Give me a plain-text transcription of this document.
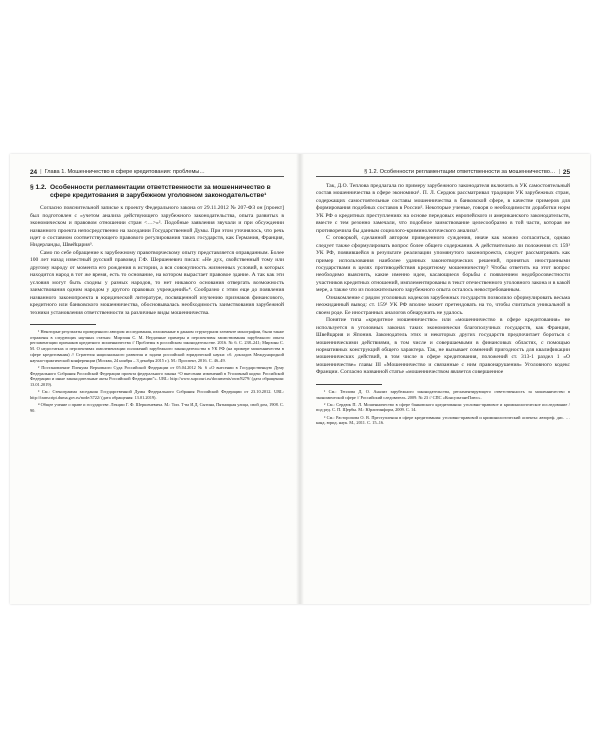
24 | Глава 1. Мошенничество в сфере кредитования: проблемы…
§ 1.2. Особенности регламентации ответственности за мошенничество в сфере кредитования в зарубежном уголовном законодательстве¹

Согласно пояснительной записке к проекту Федерального закона от 29.11.2012 № 207-ФЗ он [проект] был подготовлен с «учетом анализа действующего зарубежного законодательства, опыта развитых в экономическом и правовом отношении стран <…>»². Подобные заявления звучали и при обсуждении названного проекта непосредственно на заседании Государственной Думы. При этом уточнялось, что речь идет о составном соответствующего правового регулирования таких государств, как Германия, Франция, Нидерланды, Швейцария³.

Само по себе обращение к зарубежному правотворческому опыту представляется оправданным. Более 100 лет назад известный русский правовед Г.Ф. Шершеневич писал: «Не дух, свойственный тому или другому народу от момента его рождения в истории, а вся совокупность жизненных условий, в которых находится народ в тот же время, есть то основание, на котором вырастает правовое здание. А так как эти условия могут быть сходны у разных народов, то нет никакого основания отвергать возможность заимствования одним народом у другого правовых учреждений»⁴. Сообразно с этим еще до появления названного законопроекта в юридической литературе, посвященной изучению признаков финансового, кредитного или банковского мошенничества, обосновывалась необходимость заимствования зарубежной техники установления ответственности за различные виды мошенничества.

¹ Некоторые результаты проведенного автором исследования, изложенные в данном структурном элементе монографии, были также отражены в следующих научных статьях: Мирзоян С. М. Неудачные примеры и перспективы заимствования зарубежного опыта регламентации признаков кредитного мошенничества // Проблемы в российском законодательстве. 2016. № 6. С. 238–241; Мирзоян С. М. О недостатках и перспективах имплементации положений зарубежного законодательства в УК РФ (на примере мошенничества в сфере кредитования) // Стратегия национального развития и задачи российской юридической науки: сб. докладов Международной научно-практической конференции (Москва, 24 ноября – 3 декабря 2015 г.). М.: Проспект, 2016. С. 46–49.

² Постановление Пленума Верховного Суда Российской Федерации от 05.04.2012 № 6 «О внесении в Государственную Думу Федерального Собрания Российской Федерации проекта федерального закона “О внесении изменений в Уголовный кодекс Российской Федерации и иные законодательные акты Российской Федерации”». URL: http://www.supcourt.ru/documents/own/8279/ (дата обращения: 13.01.2019).

³ См.: Стенограмма заседания Государственной Думы Федерального Собрания Российской Федерации от 23.10.2012. URL: http://transcript.duma.gov.ru/node/3722/ (дата обращения: 13.01.2019).

⁴ Общее учение о праве и государстве. Лекции Г. Ф. Шершеневича. М.: Тип. Т-ва И.Д. Сытина, Пятницкая улица, свой дом, 1908. С. 90.

§ 1.2. Особенности регламентации ответственности за мошенничество… | 25

Так, Д.О. Теплова предлагала по примеру зарубежного законодателя включить в УК самостоятельный состав мошенничества в сфере экономики¹. П. Л. Сердюк рассматривал традиции УК зарубежных стран, содержащих самостоятельные составы мошенничества в банковской сфере, в качестве примеров для формирования подобных составов в России². Некоторые ученые, говоря о необходимости доработки норм УК РФ о кредитных преступлениях на основе передовых европейского и американского законодательств, вместе с тем резонно замечали, что подобное заимствование целесообразно в той части, которая не противоречила бы данным социолого-криминологического анализа³.

С оговоркой, сделанной автором приведенного суждения, иначе как можно согласиться, однако следует также сформулировать вопрос более общего содержания. А действительно ли положения ст. 159¹ УК РФ, появившейся в результате реализации упомянутого законопроекта, следует рассматривать как пример использования наиболее удачных законотворческих решений, принятых иностранными государствами в целях противодействия кредитному мошенничеству? Чтобы ответить на этот вопрос необходимо выяснить, какие именно идеи, касающиеся борьбы с появлением недобросовестности участников кредитных отношений, имплементированы в текст отечественного уголовного закона и в какой мере, а также что из положительного зарубежного опыта осталось невостребованным.

Ознакомление с рядом уголовных кодексов зарубежных государств позволило сформулировать весьма неожиданный вывод: ст. 159¹ УК РФ вполне может претендовать на то, чтобы считаться уникальной в своем роде. Ее иностранных аналогов обнаружить не удалось.

Понятие типа «кредитное мошенничество» или «мошенничество в сфере кредитования» не используется в уголовных законах таких экономически благополучных государств, как Франция, Швейцария и Япония. Законодатель этих и некоторых других государств предпочитает бороться с мошенническими действиями, в том числе и совершаемыми в финансовых областях, с помощью нормативных конструкций общего характера. Так, не вызывает сомнений пригодность для квалификации мошеннических действий, в том числе в сфере кредитования, положений ст. 313-1 раздел 1 «О мошенничестве» главы III «Мошенничество и связанные с ним правонарушения» Уголовного кодекс Франции. Согласно названной статье «мошенничеством является совершенное

¹ См.: Теплова Д. О. Анализ зарубежного законодательства, регламентирующего ответственность за мошенничество в экономической сфере // Российский следователь. 2009. № 23 // СПС «КонсультантПлюс».

² См.: Сердюк П. Л. Мошенничество в сфере банковского кредитования: уголовно-правовое и криминологическое исследование / под ред. С. П. Щербы. М.: Юрлитинформ, 2009. С. 14.

³ См.: Расторопова О. В. Преступления в сфере кредитования: уголовно-правовой и криминологический аспекты: автореф. дис. … канд. юрид. наук. М., 2011. С. 15–16.
